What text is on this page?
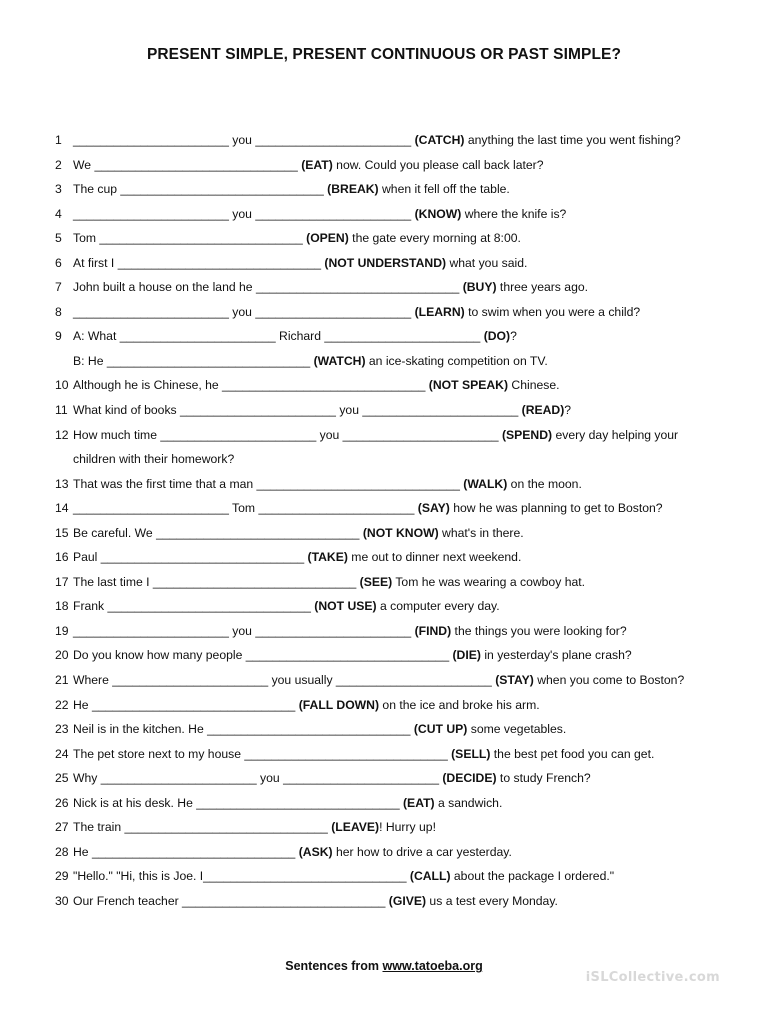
PRESENT SIMPLE, PRESENT CONTINUOUS OR PAST SIMPLE?
1 _______________________ you _______________________ (CATCH) anything the last time you went fishing?
2 We ______________________________ (EAT) now. Could you please call back later?
3 The cup ______________________________ (BREAK) when it fell off the table.
4 _______________________ you _______________________ (KNOW) where the knife is?
5 Tom ______________________________ (OPEN) the gate every morning at 8:00.
6 At first I ______________________________ (NOT UNDERSTAND) what you said.
7 John built a house on the land he ______________________________ (BUY) three years ago.
8 _______________________ you _______________________ (LEARN) to swim when you were a child?
9 A: What _______________________ Richard _______________________ (DO)?
B: He ______________________________ (WATCH) an ice-skating competition on TV.
10 Although he is Chinese, he ______________________________ (NOT SPEAK) Chinese.
11 What kind of books _______________________ you _______________________ (READ)?
12 How much time _______________________ you _______________________ (SPEND) every day helping your
children with their homework?
13 That was the first time that a man ______________________________ (WALK) on the moon.
14 _______________________ Tom _______________________ (SAY) how he was planning to get to Boston?
15 Be careful. We ______________________________ (NOT KNOW) what's in there.
16 Paul ______________________________ (TAKE) me out to dinner next weekend.
17 The last time I ______________________________ (SEE) Tom he was wearing a cowboy hat.
18 Frank ______________________________ (NOT USE) a computer every day.
19 _______________________ you _______________________ (FIND) the things you were looking for?
20 Do you know how many people ______________________________ (DIE) in yesterday's plane crash?
21 Where _______________________ you usually _______________________ (STAY) when you come to Boston?
22 He ______________________________ (FALL DOWN) on the ice and broke his arm.
23 Neil is in the kitchen. He ______________________________ (CUT UP) some vegetables.
24 The pet store next to my house ______________________________ (SELL) the best pet food you can get.
25 Why _______________________ you _______________________ (DECIDE) to study French?
26 Nick is at his desk. He ______________________________ (EAT) a sandwich.
27 The train ______________________________ (LEAVE)! Hurry up!
28 He ______________________________ (ASK) her how to drive a car yesterday.
29 "Hello." "Hi, this is Joe. I______________________________ (CALL) about the package I ordered."
30 Our French teacher ______________________________ (GIVE) us a test every Monday.
Sentences from www.tatoeba.org
iSLCollective.com
